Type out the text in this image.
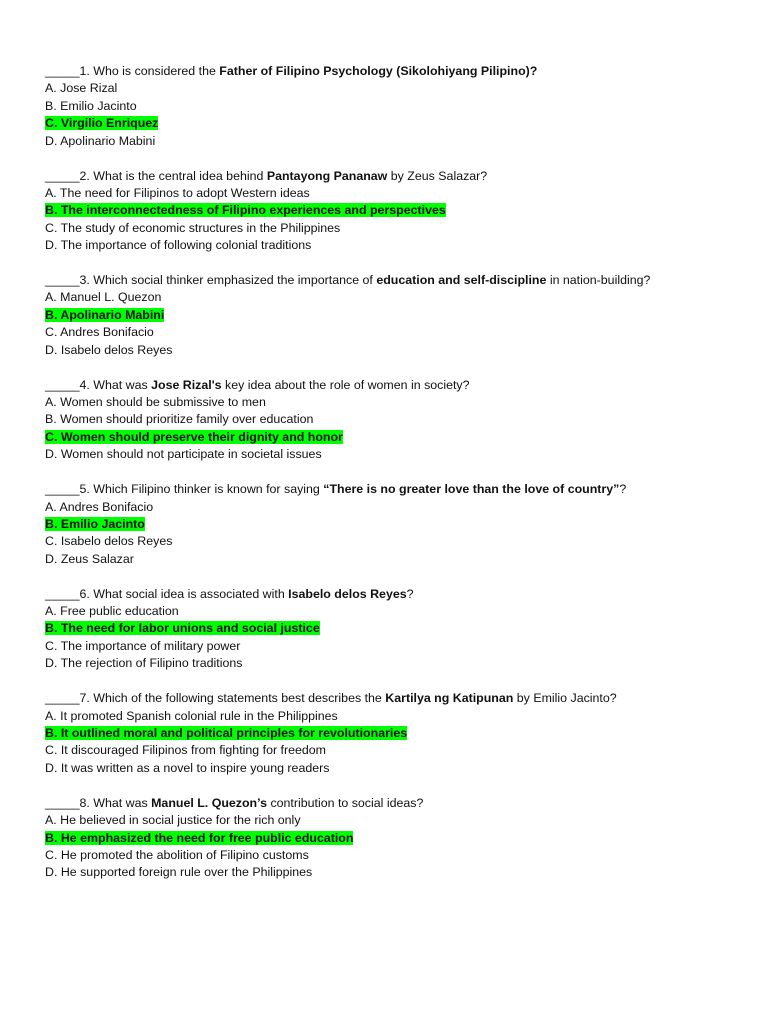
_____1. Who is considered the Father of Filipino Psychology (Sikolohiyang Pilipino)?
A. Jose Rizal
B. Emilio Jacinto
C. Virgilio Enriquez
D. Apolinario Mabini
_____2. What is the central idea behind Pantayong Pananaw by Zeus Salazar?
A. The need for Filipinos to adopt Western ideas
B. The interconnectedness of Filipino experiences and perspectives
C. The study of economic structures in the Philippines
D. The importance of following colonial traditions
_____3. Which social thinker emphasized the importance of education and self-discipline in nation-building?
A. Manuel L. Quezon
B. Apolinario Mabini
C. Andres Bonifacio
D. Isabelo delos Reyes
_____4. What was Jose Rizal's key idea about the role of women in society?
A. Women should be submissive to men
B. Women should prioritize family over education
C. Women should preserve their dignity and honor
D. Women should not participate in societal issues
_____5. Which Filipino thinker is known for saying “There is no greater love than the love of country”?
A. Andres Bonifacio
B. Emilio Jacinto
C. Isabelo delos Reyes
D. Zeus Salazar
_____6. What social idea is associated with Isabelo delos Reyes?
A. Free public education
B. The need for labor unions and social justice
C. The importance of military power
D. The rejection of Filipino traditions
_____7. Which of the following statements best describes the Kartilya ng Katipunan by Emilio Jacinto?
A. It promoted Spanish colonial rule in the Philippines
B. It outlined moral and political principles for revolutionaries
C. It discouraged Filipinos from fighting for freedom
D. It was written as a novel to inspire young readers
_____8. What was Manuel L. Quezon’s contribution to social ideas?
A. He believed in social justice for the rich only
B. He emphasized the need for free public education
C. He promoted the abolition of Filipino customs
D. He supported foreign rule over the Philippines
